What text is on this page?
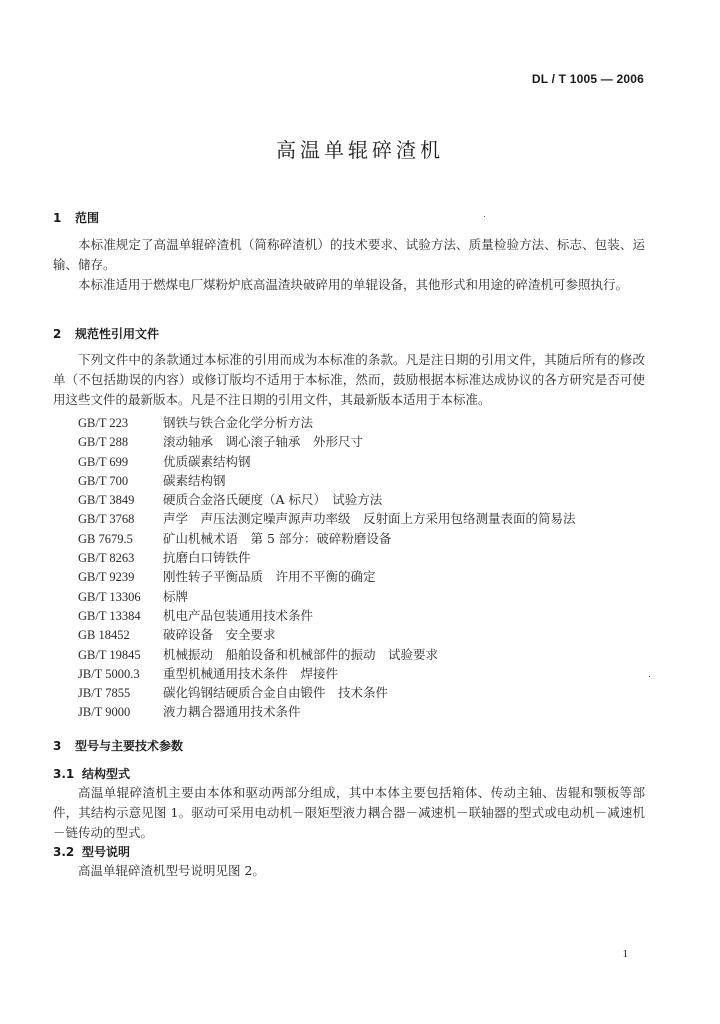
DL / T 1005 — 2006
高温单辊碎渣机
1 范围
本标准规定了高温单辊碎渣机（简称碎渣机）的技术要求、试验方法、质量检验方法、标志、包装、运输、储存。
本标准适用于燃煤电厂煤粉炉底高温渣块破碎用的单辊设备，其他形式和用途的碎渣机可参照执行。
2 规范性引用文件
下列文件中的条款通过本标准的引用而成为本标准的条款。凡是注日期的引用文件，其随后所有的修改单（不包括勘误的内容）或修订版均不适用于本标准，然而，鼓励根据本标准达成协议的各方研究是否可使用这些文件的最新版本。凡是不注日期的引用文件，其最新版本适用于本标准。
GB/T 223	钢铁与铁合金化学分析方法
GB/T 288	滚动轴承　调心滚子轴承　外形尺寸
GB/T 699	优质碳素结构钢
GB/T 700	碳素结构钢
GB/T 3849 硬质合金洛氏硬度（A 标尺）　试验方法
GB/T 3768 声学　声压法测定噪声源声功率级　反射面上方采用包络测量表面的简易法
GB 7679.5 矿山机械术语　第 5 部分：破碎粉磨设备
GB/T 8263 抗磨白口铸铁件
GB/T 9239 刚性转子平衡品质　许用不平衡的确定
GB/T 13306 标牌
GB/T 13384 机电产品包装通用技术条件
GB 18452	破碎设备　安全要求
GB/T 19845 机械振动　船舶设备和机械部件的振动　试验要求
JB/T 5000.3 重型机械通用技术条件　焊接件
JB/T 7855	碳化钨钢结硬质合金自由锻件　技术条件
JB/T 9000	液力耦合器通用技术条件
3 型号与主要技术参数
3.1 结构型式
高温单辊碎渣机主要由本体和驱动两部分组成，其中本体主要包括箱体、传动主轴、齿辊和颚板等部件，其结构示意见图 1。驱动可采用电动机－限矩型液力耦合器－减速机－联轴器的型式或电动机－减速机－链传动的型式。
3.2 型号说明
高温单辊碎渣机型号说明见图 2。
1
